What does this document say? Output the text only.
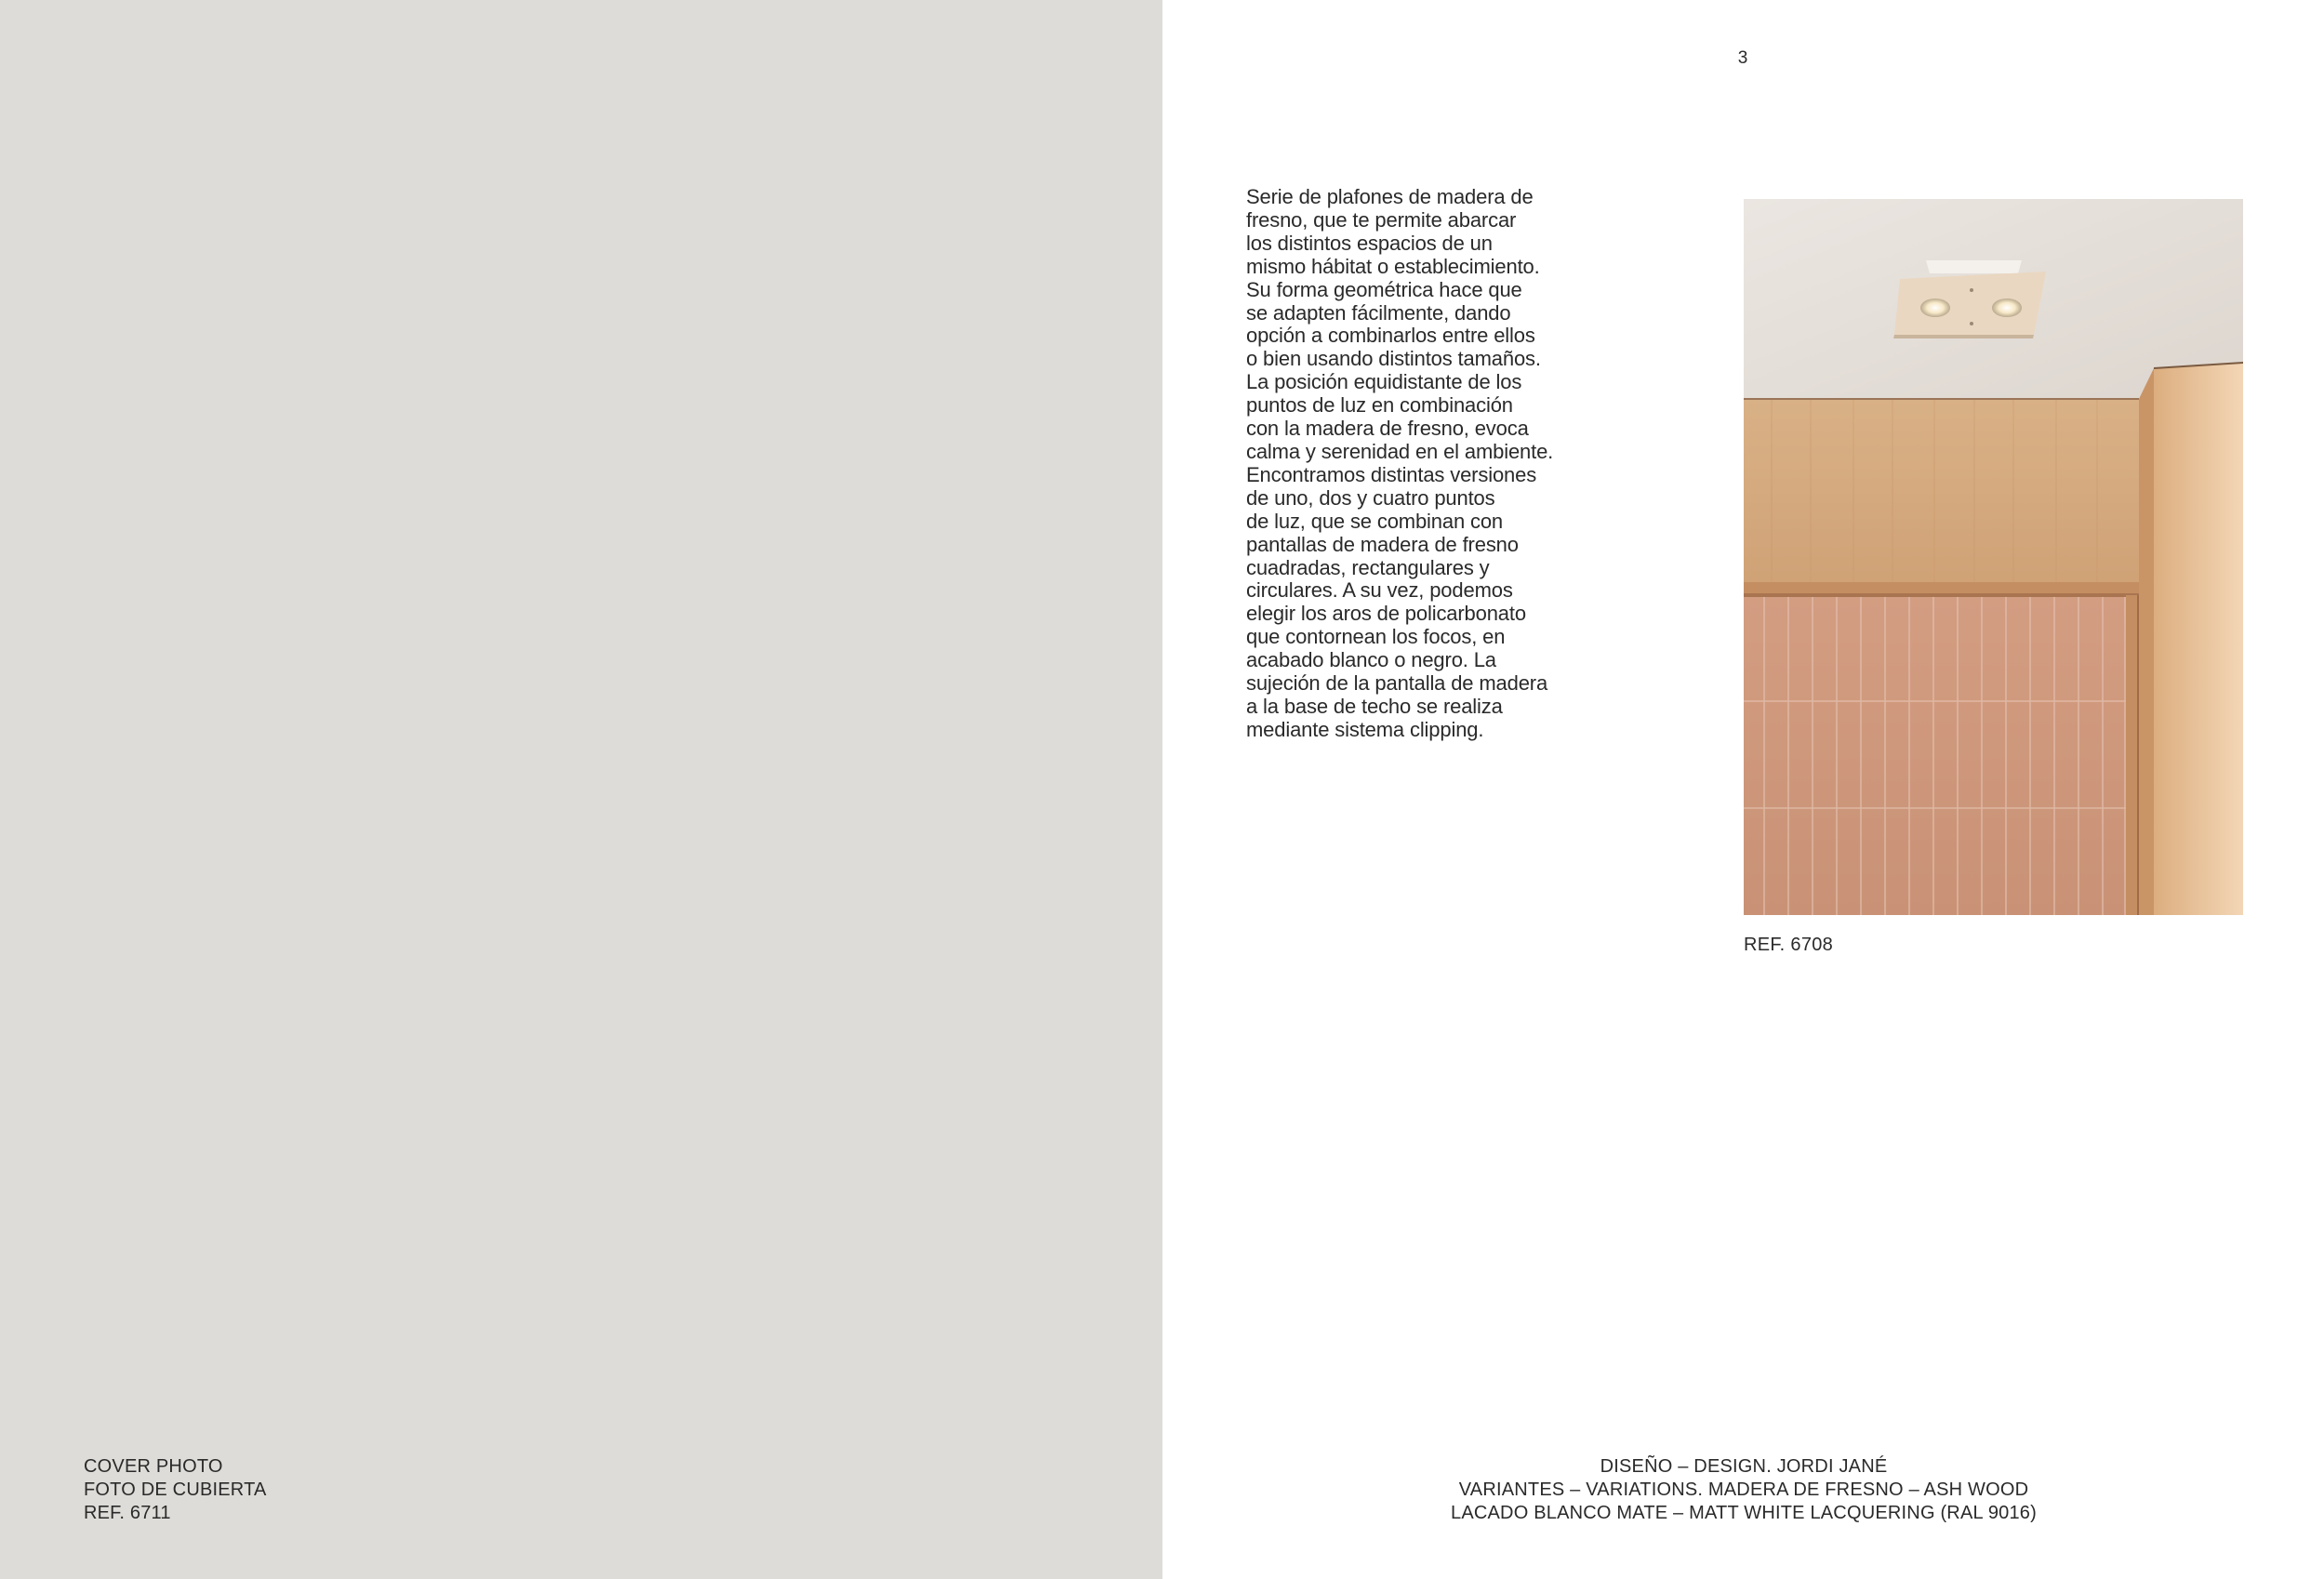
COVER PHOTO
FOTO DE CUBIERTA
REF. 6711
3
Serie de plafones de madera de
fresno, que te permite abarcar
los distintos espacios de un
mismo hábitat o establecimiento.
Su forma geométrica hace que
se adapten fácilmente, dando
opción a combinarlos entre ellos
o bien usando distintos tamaños.
La posición equidistante de los
puntos de luz en combinación
con la madera de fresno, evoca
calma y serenidad en el ambiente.
Encontramos distintas versiones
de uno, dos y cuatro puntos
de luz, que se combinan con
pantallas de madera de fresno
cuadradas, rectangulares y
circulares. A su vez, podemos
elegir los aros de policarbonato
que contornean los focos, en
acabado blanco o negro. La
sujeción de la pantalla de madera
a la base de techo se realiza
mediante sistema clipping.
REF. 6708
DISEÑO – DESIGN. JORDI JANÉ
VARIANTES – VARIATIONS. MADERA DE FRESNO – ASH WOOD
LACADO BLANCO MATE – MATT WHITE LACQUERING (RAL 9016)
